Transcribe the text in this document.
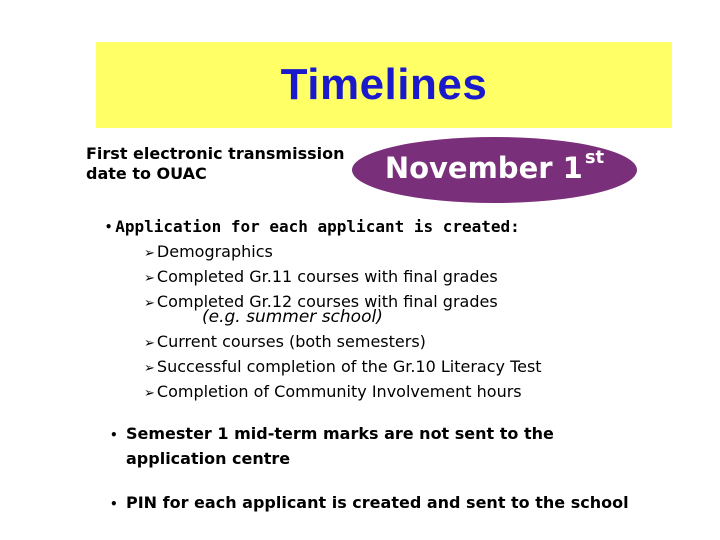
Timelines
First electronic transmission
date to OUAC	November 1 $^{st}$
• Application for each applicant is created:
➢ Demographics
➢ Completed Gr.11 courses with final grades
➢ Completed Gr.12 courses with final grades
(e.g. summer school)
➢ Current courses (both semesters)
➢ Successful completion of the Gr.10 Literacy Test
➢ Completion of Community Involvement hours
• Semester 1 mid-term marks are not sent to the
application centre
• PIN for each applicant is created and sent to the school
